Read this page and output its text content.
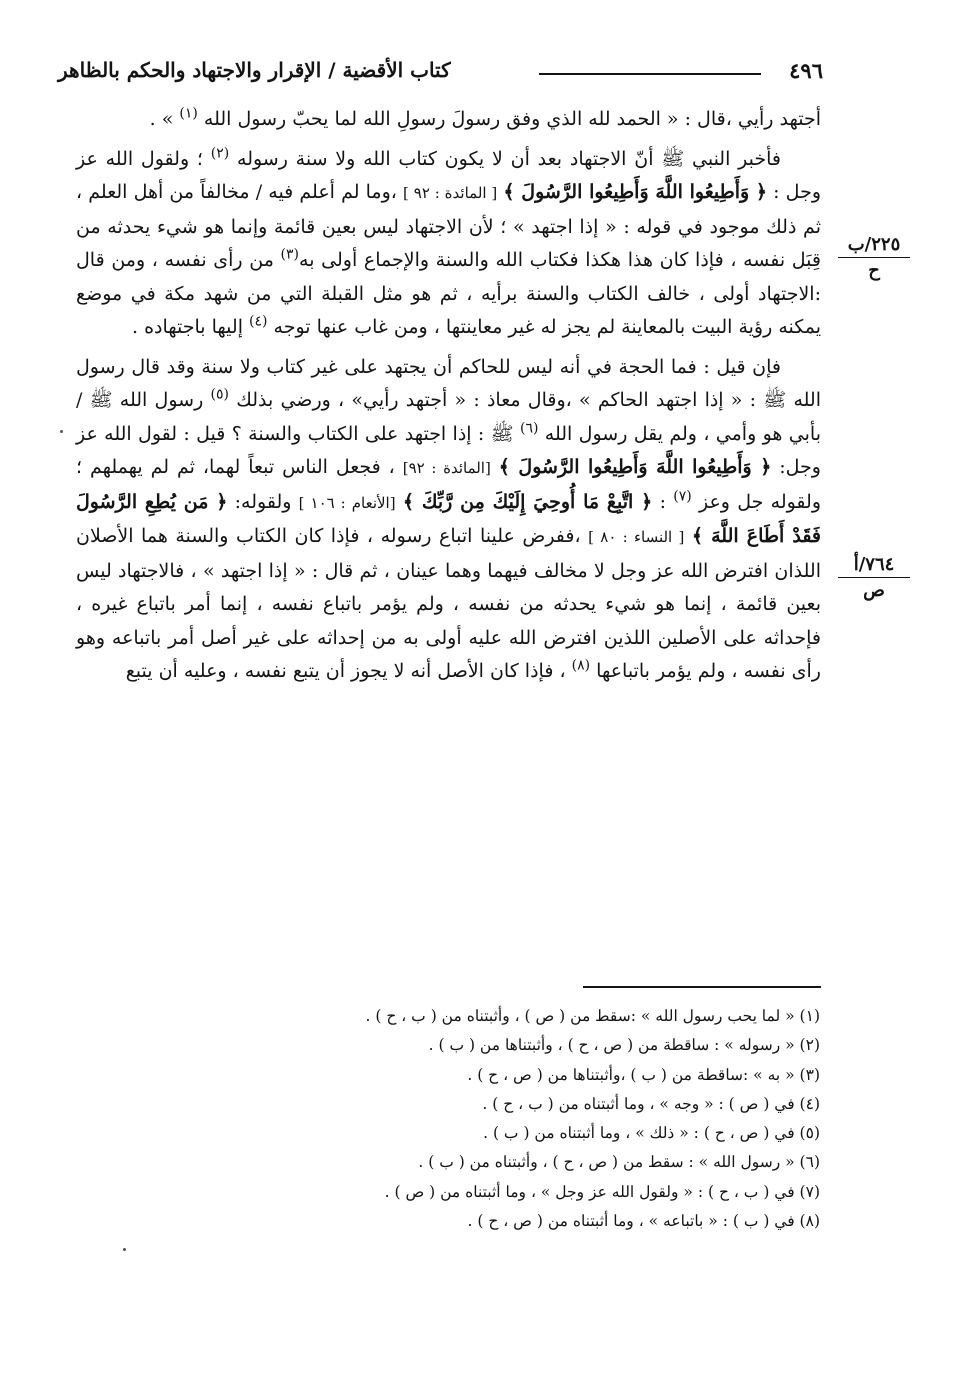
٤٩٦
كتاب الأقضية / الإقرار والاجتهاد والحكم بالظاهر
٢٢٥/ب
ح
٧٦٤/أ
ص

أجتهد رأيي ،قال : « الحمد لله الذي وفق رسولَ رسولِ الله لما يحبّ رسول الله $^{(١)}$ » .

فأخبر النبي ﷺ أنّ الاجتهاد بعد أن لا يكون كتاب الله ولا سنة رسوله $^{(٢)}$ ؛ ولقول الله عز وجل : ﴿ وَأَطِيعُوا اللَّهَ وَأَطِيعُوا الرَّسُولَ ﴾ [ المائدة : ٩٢ ] ،وما لم أعلم فيه / مخالفاً من أهل العلم ، ثم ذلك موجود في قوله : « إذا اجتهد » ؛ لأن الاجتهاد ليس بعين قائمة وإنما هو شيء يحدثه من قِبَل نفسه ، فإذا كان هذا هكذا فكتاب الله والسنة والإجماع أولى به$^{(٣)}$ من رأى نفسه ، ومن قال :الاجتهاد أولى ، خالف الكتاب والسنة برأيه ، ثم هو مثل القبلة التي من شهد مكة في موضع يمكنه رؤية البيت بالمعاينة لم يجز له غير معاينتها ، ومن غاب عنها توجه $^{(٤)}$ إليها باجتهاده .

فإن قيل : فما الحجة في أنه ليس للحاكم أن يجتهد على غير كتاب ولا سنة وقد قال رسول الله ﷺ : « إذا اجتهد الحاكم » ،وقال معاذ : « أجتهد رأيي» ، ورضي بذلك $^{(٥)}$ رسول الله ﷺ / بأبي هو وأمي ، ولم يقل رسول الله $^{(٦)}$ ﷺ : إذا اجتهد على الكتاب والسنة ؟ قيل : لقول الله عز وجل: ﴿ وَأَطِيعُوا اللَّهَ وَأَطِيعُوا الرَّسُولَ ﴾ [المائدة : ٩٢] ، فجعل الناس تبعاً لهما، ثم لم يهملهم ؛ ولقوله جل وعز $^{(٧)}$ : ﴿ اتَّبِعْ مَا أُوحِيَ إِلَيْكَ مِن رَّبِّكَ ﴾ [الأنعام : ١٠٦ ] ولقوله: ﴿ مَن يُطِعِ الرَّسُولَ فَقَدْ أَطَاعَ اللَّهَ ﴾ [ النساء : ٨٠ ] ،ففرض علينا اتباع رسوله ، فإذا كان الكتاب والسنة هما الأصلان اللذان افترض الله عز وجل لا مخالف فيهما وهما عينان ، ثم قال : « إذا اجتهد » ، فالاجتهاد ليس بعين قائمة ، إنما هو شيء يحدثه من نفسه ، ولم يؤمر باتباع نفسه ، إنما أمر باتباع غيره ، فإحداثه على الأصلين اللذين افترض الله عليه أولى به من إحداثه على غير أصل أمر باتباعه وهو رأى نفسه ، ولم يؤمر باتباعها $^{(٨)}$ ، فإذا كان الأصل أنه لا يجوز أن يتبع نفسه ، وعليه أن يتبع

(١) « لما يحب رسول الله » :سقط من ( ص ) ، وأثبتناه من ( ب ، ح ) .
(٢) « رسوله » : ساقطة من ( ص ، ح ) ، وأثبتناها من ( ب ) .
(٣) « به » :ساقطة من ( ب ) ،وأثبتناها من ( ص ، ح ) .
(٤) في ( ص ) : « وجه » ، وما أثبتناه من ( ب ، ح ) .
(٥) في ( ص ، ح ) : « ذلك » ، وما أثبتناه من ( ب ) .
(٦) « رسول الله » : سقط من ( ص ، ح ) ، وأثبتناه من ( ب ) .
(٧) في ( ب ، ح ) : « ولقول الله عز وجل » ، وما أثبتناه من ( ص ) .
(٨) في ( ب ) : « باتباعه » ، وما أثبتناه من ( ص ، ح ) .
